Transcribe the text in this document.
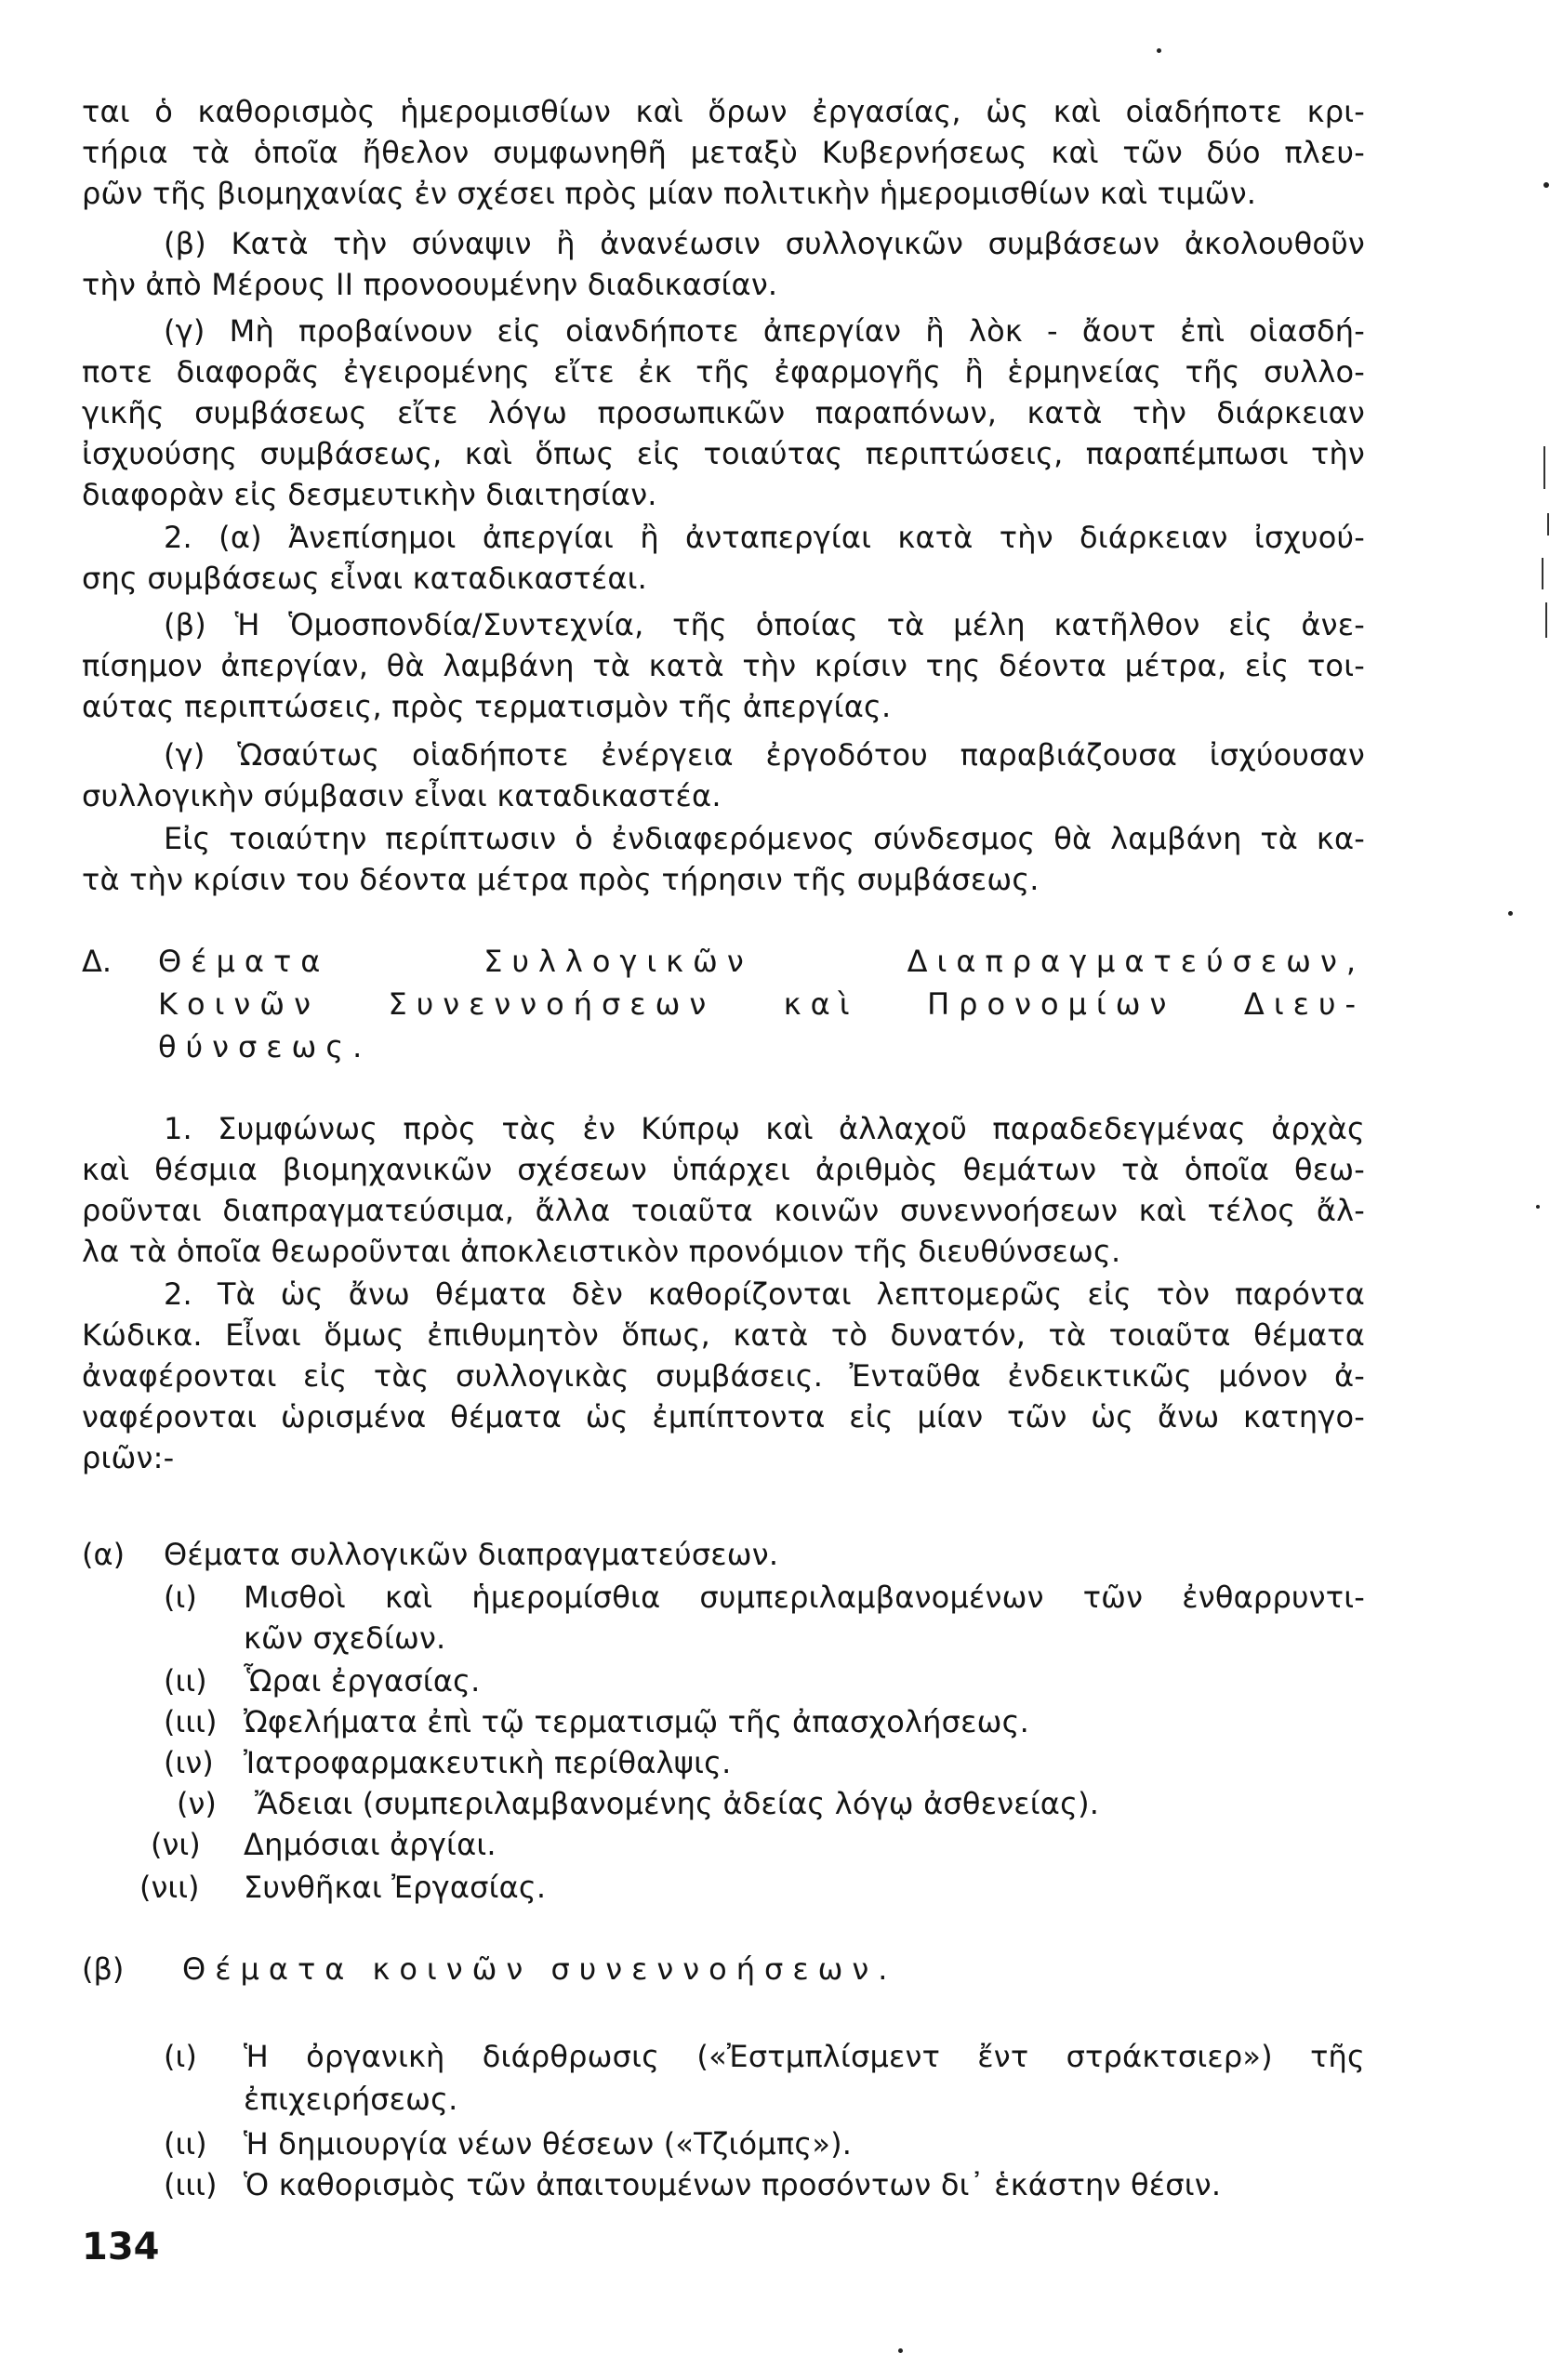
ται ὁ καθορισμὸς ἡμερομισθίων καὶ ὅρων ἐργασίας, ὡς καὶ οἱαδήποτε κρι-

τήρια τὰ ὁποῖα ἤθελον συμφωνηθῆ μεταξὺ Κυβερνήσεως καὶ τῶν δύο πλευ-

ρῶν τῆς βιομηχανίας ἐν σχέσει πρὸς μίαν πολιτικὴν ἡμερομισθίων καὶ τιμῶν.

(β) Κατὰ τὴν σύναψιν ἢ ἀνανέωσιν συλλογικῶν συμβάσεων ἀκολουθοῦν

τὴν ἀπὸ Μέρους ΙΙ προνοουμένην διαδικασίαν.

(γ) Μὴ προβαίνουν εἰς οἱανδήποτε ἀπεργίαν ἢ λὸκ - ἄουτ ἐπὶ οἱασδή-

ποτε διαφορᾶς ἐγειρομένης εἴτε ἐκ τῆς ἐφαρμογῆς ἢ ἑρμηνείας τῆς συλλο-

γικῆς συμβάσεως εἴτε λόγω προσωπικῶν παραπόνων, κατὰ τὴν διάρκειαν

ἰσχυούσης συμβάσεως, καὶ ὅπως εἰς τοιαύτας περιπτώσεις, παραπέμπωσι τὴν

διαφορὰν εἰς δεσμευτικὴν διαιτησίαν.

2. (α) Ἀνεπίσημοι ἀπεργίαι ἢ ἀνταπεργίαι κατὰ τὴν διάρκειαν ἰσχυού-

σης συμβάσεως εἶναι καταδικαστέαι.

(β) Ἡ Ὁμοσπονδία/Συντεχνία, τῆς ὁποίας τὰ μέλη κατῆλθον εἰς ἀνε-

πίσημον ἀπεργίαν, θὰ λαμβάνη τὰ κατὰ τὴν κρίσιν της δέοντα μέτρα, εἰς τοι-

αύτας περιπτώσεις, πρὸς τερματισμὸν τῆς ἀπεργίας.

(γ) Ὡσαύτως οἱαδήποτε ἐνέργεια ἐργοδότου παραβιάζουσα ἰσχύουσαν

συλλογικὴν σύμβασιν εἶναι καταδικαστέα.

Εἰς τοιαύτην περίπτωσιν ὁ ἐνδιαφερόμενος σύνδεσμος θὰ λαμβάνη τὰ κα-

τὰ τὴν κρίσιν του δέοντα μέτρα πρὸς τήρησιν τῆς συμβάσεως.

Δ. Θέματα Συλλογικῶν Διαπραγματεύσεων,

Κοινῶν Συνεννοήσεων καὶ Προνομίων Διευ-

θύνσεως.

1. Συμφώνως πρὸς τὰς ἐν Κύπρῳ καὶ ἀλλαχοῦ παραδεδεγμένας ἀρχὰς

καὶ θέσμια βιομηχανικῶν σχέσεων ὑπάρχει ἀριθμὸς θεμάτων τὰ ὁποῖα θεω-

ροῦνται διαπραγματεύσιμα, ἄλλα τοιαῦτα κοινῶν συνεννοήσεων καὶ τέλος ἄλ-

λα τὰ ὁποῖα θεωροῦνται ἀποκλειστικὸν προνόμιον τῆς διευθύνσεως.

2. Τὰ ὡς ἄνω θέματα δὲν καθορίζονται λεπτομερῶς εἰς τὸν παρόντα

Κώδικα. Εἶναι ὅμως ἐπιθυμητὸν ὅπως, κατὰ τὸ δυνατόν, τὰ τοιαῦτα θέματα

ἀναφέρονται εἰς τὰς συλλογικὰς συμβάσεις. Ἐνταῦθα ἐνδεικτικῶς μόνον ἀ-

ναφέρονται ὡρισμένα θέματα ὡς ἐμπίπτοντα εἰς μίαν τῶν ὡς ἄνω κατηγο-

ριῶν:-

(α) Θέματα συλλογικῶν διαπραγματεύσεων.

(ι) Μισθοὶ καὶ ἡμερομίσθια συμπεριλαμβανομένων τῶν ἐνθαρρυντι-

κῶν σχεδίων.

(ιι) Ὧραι ἐργασίας.

(ιιι) Ὠφελήματα ἐπὶ τῷ τερματισμῷ τῆς ἀπασχολήσεως.

(ιν) Ἰατροφαρμακευτικὴ περίθαλψις.

(ν) Ἄδειαι (συμπεριλαμβανομένης ἀδείας λόγῳ ἀσθενείας).

(νι) Δημόσιαι ἀργίαι.

(νιι) Συνθῆκαι Ἐργασίας.

(β) Θέματα κοινῶν συνεννοήσεων.

(ι) Ἡ ὀργανικὴ διάρθρωσις («Ἐστμπλίσμεντ ἔντ στράκτσιερ») τῆς

ἐπιχειρήσεως.

(ιι) Ἡ δημιουργία νέων θέσεων («Τζιόμπς»).

(ιιι) Ὁ καθορισμὸς τῶν ἀπαιτουμένων προσόντων δι᾽ ἑκάστην θέσιν.

134
